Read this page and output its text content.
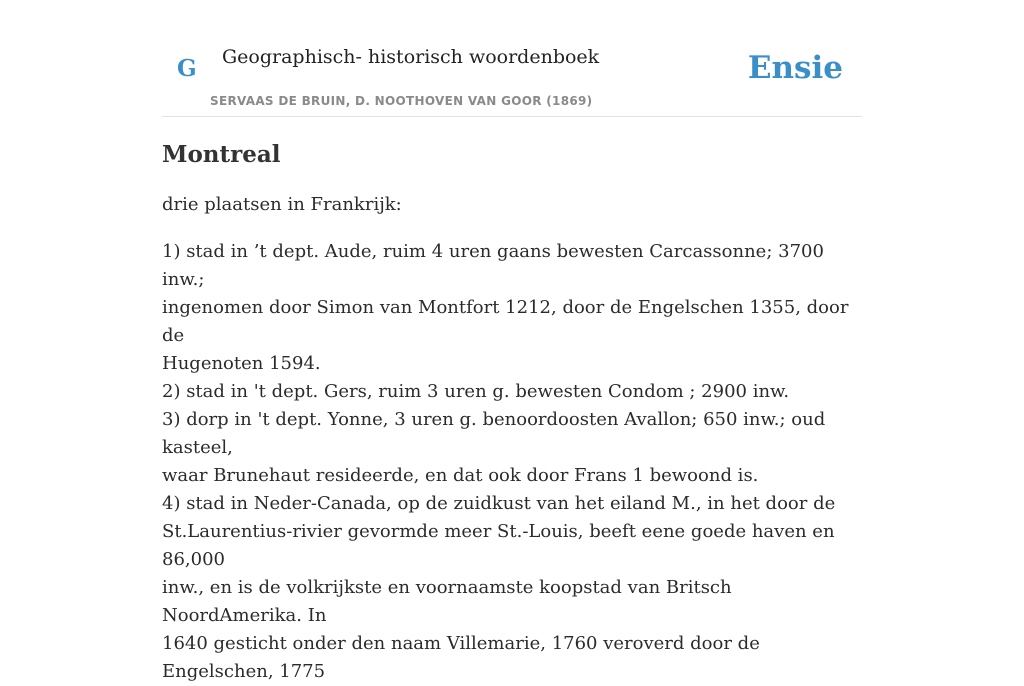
G Geographisch- historisch woordenboek
SERVAAS DE BRUIN, D. NOOTHOVEN VAN GOOR (1869)
Ensie
Montreal

drie plaatsen in Frankrijk:

1) stad in ’t dept. Aude, ruim 4 uren gaans bewesten Carcassonne; 3700 inw.;
ingenomen door Simon van Montfort 1212, door de Engelschen 1355, door de
Hugenoten 1594.
2) stad in 't dept. Gers, ruim 3 uren g. bewesten Condom ; 2900 inw.
3) dorp in 't dept. Yonne, 3 uren g. benoordoosten Avallon; 650 inw.; oud kasteel,
waar Brunehaut resideerde, en dat ook door Frans 1 bewoond is.
4) stad in Neder-Canada, op de zuidkust van het eiland M., in het door de
St.Laurentius-rivier gevormde meer St.-Louis, beeft eene goede haven en 86,000
inw., en is de volkrijkste en voornaamste koopstad van Britsch NoordAmerika. In
1640 gesticht onder den naam Villemarie, 1760 veroverd door de Engelschen, 1775
